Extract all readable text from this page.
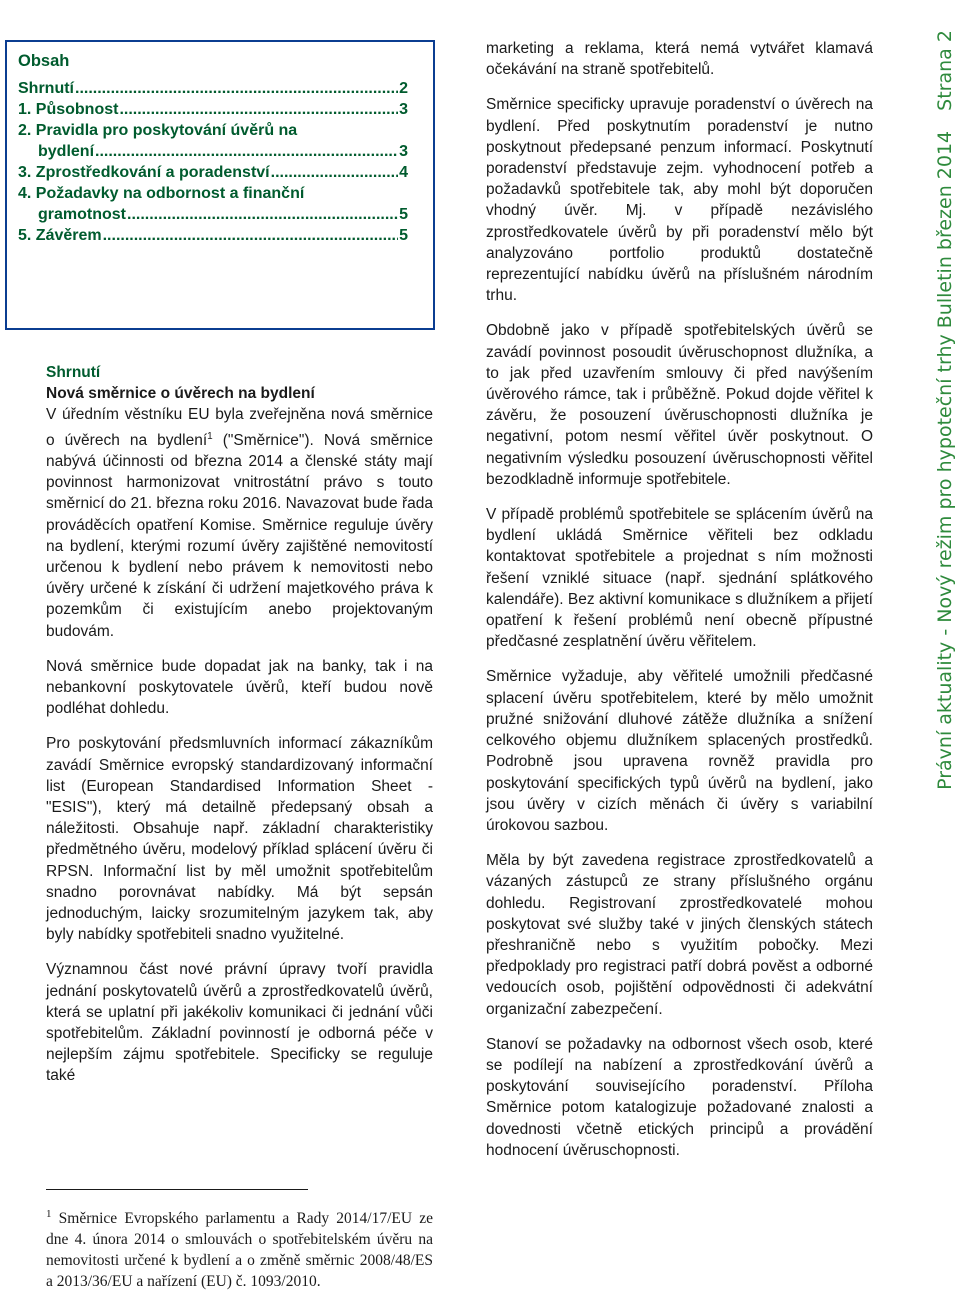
Obsah
Shrnutí .....	2
1. Působnost .....	3
2. Pravidla pro poskytování úvěrů na
bydlení .....	3
3. Zprostředkování a poradenství .....	4
4. Požadavky na odbornost a finanční
gramotnost .....	5
5. Závěrem .....	5

Shrnutí

Nová směrnice o úvěrech na bydlení

V úředním věstníku EU byla zveřejněna nová směrnice o úvěrech na bydlení$^1$ ("Směrnice"). Nová směrnice nabývá účinnosti od března 2014 a členské státy mají povinnost harmonizovat vnitrostátní právo s touto směrnicí do 21. března roku 2016. Navazovat bude řada prováděcích opatření Komise. Směrnice reguluje úvěry na bydlení, kterými rozumí úvěry zajištěné nemovitostí určenou k bydlení nebo právem k nemovitosti nebo úvěry určené k získání či udržení majetkového práva k pozemkům či existujícím anebo projektovaným budovám.

Nová směrnice bude dopadat jak na banky, tak i na nebankovní poskytovatele úvěrů, kteří budou nově podléhat dohledu.

Pro poskytování předsmluvních informací zákazníkům zavádí Směrnice evropský standardizovaný informační list (European Standardised Information Sheet - "ESIS"), který má detailně předepsaný obsah a náležitosti. Obsahuje např. základní charakteristiky předmětného úvěru, modelový příklad splácení úvěru či RPSN. Informační list by měl umožnit spotřebitelům snadno porovnávat nabídky. Má být sepsán jednoduchým, laicky srozumitelným jazykem tak, aby byly nabídky spotřebiteli snadno využitelné.

Významnou část nové právní úpravy tvoří pravidla jednání poskytovatelů úvěrů a zprostředkovatelů úvěrů, která se uplatní při jakékoliv komunikaci či jednání vůči spotřebitelům. Základní povinností je odborná péče v nejlepším zájmu spotřebitele. Specificky se reguluje také

$^1$ Směrnice Evropského parlamentu a Rady 2014/17/EU ze dne 4. února 2014 o smlouvách o spotřebitelském úvěru na nemovitosti určené k bydlení a o změně směrnic 2008/48/ES a 2013/36/EU a nařízení (EU) č. 1093/2010.

marketing a reklama, která nemá vytvářet klamavá očekávání na straně spotřebitelů.

Směrnice specificky upravuje poradenství o úvěrech na bydlení. Před poskytnutím poradenství je nutno poskytnout předepsané penzum informací. Poskytnutí poradenství představuje zejm. vyhodnocení potřeb a požadavků spotřebitele tak, aby mohl být doporučen vhodný úvěr. Mj. v případě nezávislého zprostředkovatele úvěrů by při poradenství mělo být analyzováno portfolio produktů dostatečně reprezentující nabídku úvěrů na příslušném národním trhu.

Obdobně jako v případě spotřebitelských úvěrů se zavádí povinnost posoudit úvěruschopnost dlužníka, a to jak před uzavřením smlouvy či před navýšením úvěrového rámce, tak i průběžně. Pokud dojde věřitel k závěru, že posouzení úvěruschopnosti dlužníka je negativní, potom nesmí věřitel úvěr poskytnout. O negativním výsledku posouzení úvěruschopnosti věřitel bezodkladně informuje spotřebitele.

V případě problémů spotřebitele se splácením úvěrů na bydlení ukládá Směrnice věřiteli bez odkladu kontaktovat spotřebitele a projednat s ním možnosti řešení vzniklé situace (např. sjednání splátkového kalendáře). Bez aktivní komunikace s dlužníkem a přijetí opatření k řešení problémů není obecně přípustné předčasné zesplatnění úvěru věřitelem.

Směrnice vyžaduje, aby věřitelé umožnili předčasné splacení úvěru spotřebitelem, které by mělo umožnit pružné snižování dluhové zátěže dlužníka a snížení celkového objemu dlužníkem splacených prostředků. Podrobně jsou upravena rovněž pravidla pro poskytování specifických typů úvěrů na bydlení, jako jsou úvěry v cizích měnách či úvěry s variabilní úrokovou sazbou.

Měla by být zavedena registrace zprostředkovatelů a vázaných zástupců ze strany příslušného orgánu dohledu. Registrovaní zprostředkovatelé mohou poskytovat své služby také v jiných členských státech přeshraničně nebo s využitím pobočky. Mezi předpoklady pro registraci patří dobrá pověst a odborné vedoucích osob, pojištění odpovědnosti či adekvátní organizační zabezpečení.

Stanoví se požadavky na odbornost všech osob, které se podílejí na nabízení a zprostředkování úvěrů a poskytování souvisejícího poradenství. Příloha Směrnice potom katalogizuje požadované znalosti a dovednosti včetně etických principů a provádění hodnocení úvěruschopnosti.

Právní aktuality - Nový režim pro hypoteční trhy Bulletin březen 2014Strana 2
